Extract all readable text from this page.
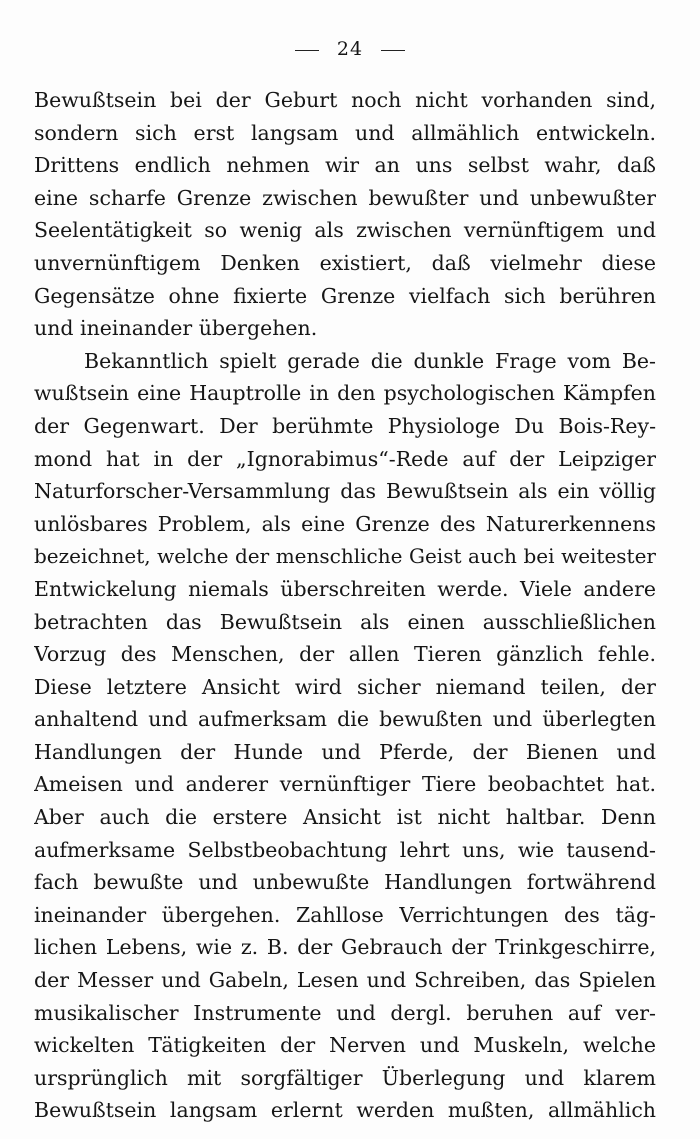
24
Bewußtsein bei der Geburt noch nicht vorhanden sind,
sondern sich erst langsam und allmählich entwickeln.
Drittens endlich nehmen wir an uns selbst wahr, daß
eine scharfe Grenze zwischen bewußter und unbewußter
Seelentätigkeit so wenig als zwischen vernünftigem und
unvernünftigem Denken existiert, daß vielmehr diese
Gegensätze ohne fixierte Grenze vielfach sich berühren
und ineinander übergehen.
Bekanntlich spielt gerade die dunkle Frage vom Be-
wußtsein eine Hauptrolle in den psychologischen Kämpfen
der Gegenwart. Der berühmte Physiologe Du Bois-Rey-
mond hat in der „Ignorabimus“-Rede auf der Leipziger
Naturforscher-Versammlung das Bewußtsein als ein völlig
unlösbares Problem, als eine Grenze des Naturerkennens
bezeichnet, welche der menschliche Geist auch bei weitester
Entwickelung niemals überschreiten werde. Viele andere
betrachten das Bewußtsein als einen ausschließlichen
Vorzug des Menschen, der allen Tieren gänzlich fehle.
Diese letztere Ansicht wird sicher niemand teilen, der
anhaltend und aufmerksam die bewußten und überlegten
Handlungen der Hunde und Pferde, der Bienen und
Ameisen und anderer vernünftiger Tiere beobachtet hat.
Aber auch die erstere Ansicht ist nicht haltbar. Denn
aufmerksame Selbstbeobachtung lehrt uns, wie tausend-
fach bewußte und unbewußte Handlungen fortwährend
ineinander übergehen. Zahllose Verrichtungen des täg-
lichen Lebens, wie z. B. der Gebrauch der Trinkgeschirre,
der Messer und Gabeln, Lesen und Schreiben, das Spielen
musikalischer Instrumente und dergl. beruhen auf ver-
wickelten Tätigkeiten der Nerven und Muskeln, welche
ursprünglich mit sorgfältiger Überlegung und klarem
Bewußtsein langsam erlernt werden mußten, allmählich
